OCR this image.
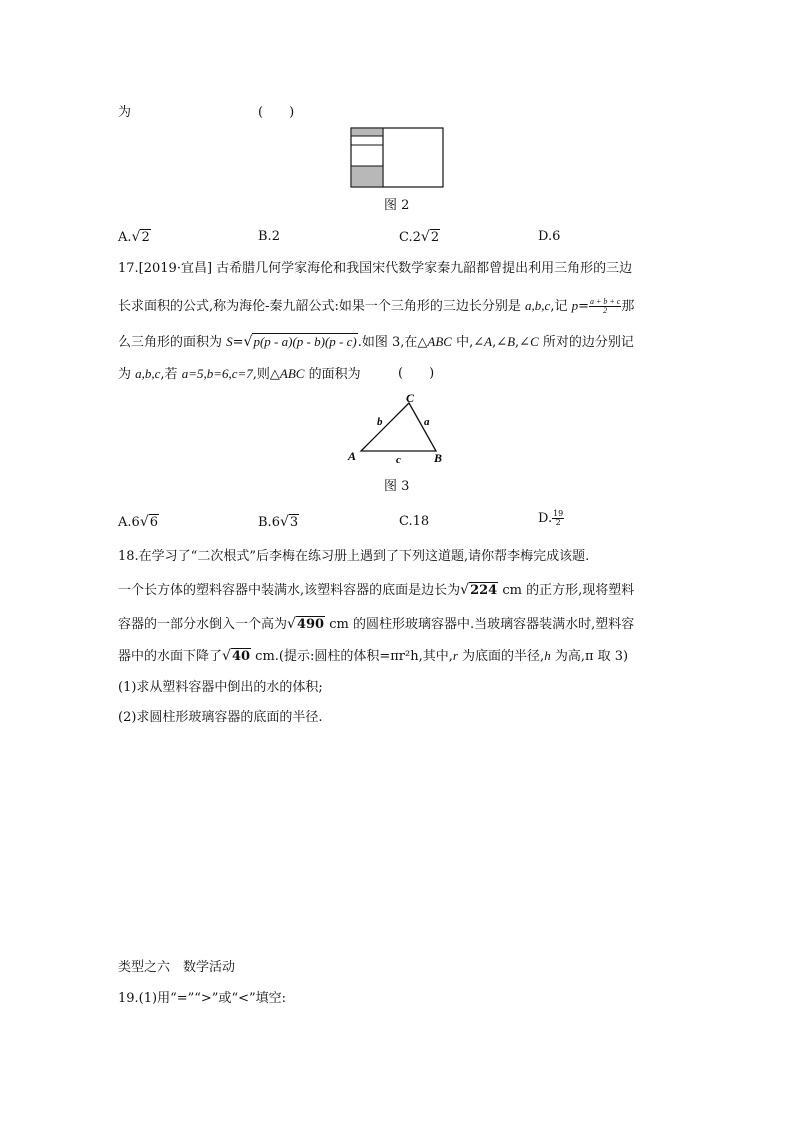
为	(　　)
图 2
A.√2	B.2	C.2√2	D.6
17.[2019·宜昌] 古希腊几何学家海伦和我国宋代数学家秦九韶都曾提出利用三角形的三边
长求面积的公式,称为海伦-秦九韶公式:如果一个三角形的三边长分别是 a,b,c,记 $p= \frac{a + b + c}{2}$ 那
么三角形的面积为 S=√p(p - a)(p - b)(p - c).如图 3,在△ABC 中,∠A,∠B,∠C 所对的边分别记
为 a,b,c,若 a=5,b=6,c=7,则△ABC 的面积为	(　　)
A	B
C
b	a
c
图 3
A.6√6	B.6√3	C.18	D. $\frac{19}{2}$
18.在学习了“二次根式”后李梅在练习册上遇到了下列这道题,请你帮李梅完成该题.
一个长方体的塑料容器中装满水,该塑料容器的底面是边长为√224 cm 的正方形,现将塑料
容器的一部分水倒入一个高为√490 cm 的圆柱形玻璃容器中.当玻璃容器装满水时,塑料容
器中的水面下降了√40 cm.(提示:圆柱的体积=πr²h,其中,r 为底面的半径,h 为高,π 取 3)
(1)求从塑料容器中倒出的水的体积;
(2)求圆柱形玻璃容器的底面的半径.
类型之六　数学活动
19.(1)用“=”“>”或“<”填空:
